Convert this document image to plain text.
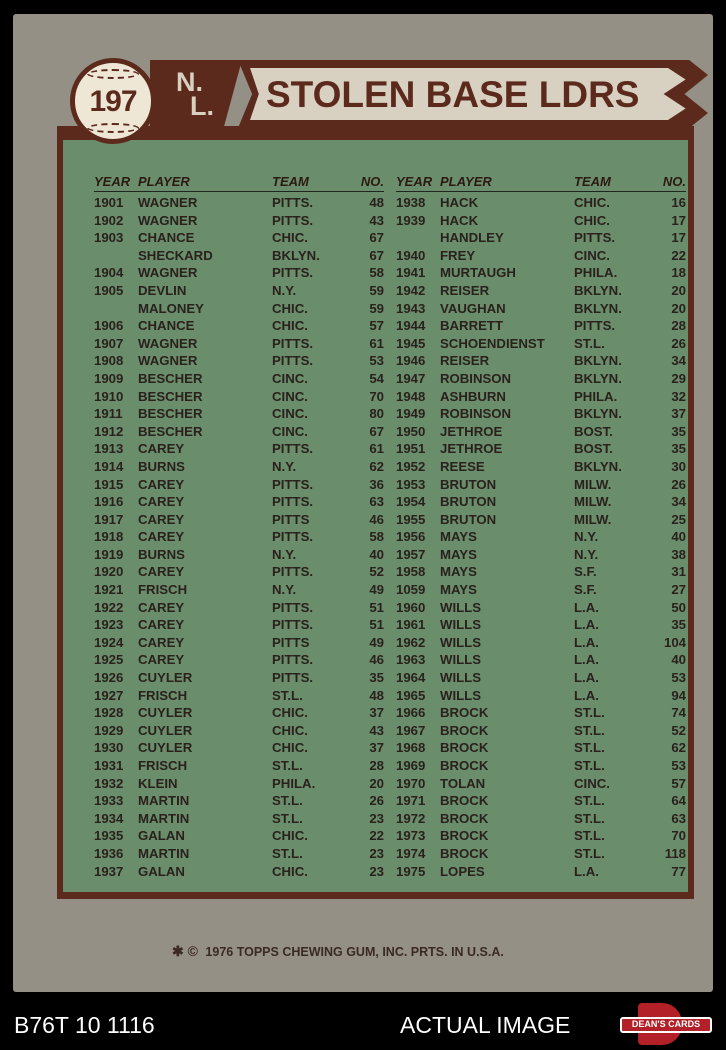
197
N.
L. STOLEN BASE LDRS
YEAR PLAYER	TEAM	NO.
1901 WAGNER	PITTS.	48
1902 WAGNER	PITTS.	43
1903 CHANCE	CHIC.	67
SHECKARD	BKLYN.	67
1904 WAGNER	PITTS.	58
1905 DEVLIN	N.Y.	59
MALONEY	CHIC.	59
1906 CHANCE	CHIC.	57
1907 WAGNER	PITTS.	61
1908 WAGNER	PITTS.	53
1909 BESCHER	CINC.	54
1910 BESCHER	CINC.	70
1911 BESCHER	CINC.	80
1912 BESCHER	CINC.	67
1913 CAREY	PITTS.	61
1914 BURNS	N.Y.	62
1915 CAREY	PITTS.	36
1916 CAREY	PITTS.	63
1917 CAREY	PITTS	46
1918 CAREY	PITTS.	58
1919 BURNS	N.Y.	40
1920 CAREY	PITTS.	52
1921 FRISCH	N.Y.	49
1922 CAREY	PITTS.	51
1923 CAREY	PITTS.	51
1924 CAREY	PITTS	49
1925 CAREY	PITTS.	46
1926 CUYLER	PITTS.	35
1927 FRISCH	ST.L.	48
1928 CUYLER	CHIC.	37
1929 CUYLER	CHIC.	43
1930 CUYLER	CHIC.	37
1931 FRISCH	ST.L.	28
1932 KLEIN	PHILA.	20
1933 MARTIN	ST.L.	26
1934 MARTIN	ST.L.	23
1935 GALAN	CHIC.	22
1936 MARTIN	ST.L.	23
1937 GALAN	CHIC.	23
YEAR PLAYER	TEAM	NO.
1938 HACK	CHIC.	16
1939 HACK	CHIC.	17
HANDLEY	PITTS.	17
1940 FREY	CINC.	22
1941 MURTAUGH	PHILA.	18
1942 REISER	BKLYN.	20
1943 VAUGHAN	BKLYN.	20
1944 BARRETT	PITTS.	28
1945 SCHOENDIENST ST.L.	26
1946 REISER	BKLYN.	34
1947 ROBINSON	BKLYN.	29
1948 ASHBURN	PHILA.	32
1949 ROBINSON	BKLYN.	37
1950 JETHROE	BOST.	35
1951 JETHROE	BOST.	35
1952 REESE	BKLYN.	30
1953 BRUTON	MILW.	26
1954 BRUTON	MILW.	34
1955 BRUTON	MILW.	25
1956 MAYS	N.Y.	40
1957 MAYS	N.Y.	38
1958 MAYS	S.F.	31
1059 MAYS	S.F.	27
1960 WILLS	L.A.	50
1961 WILLS	L.A.	35
1962 WILLS	L.A.	104
1963 WILLS	L.A.	40
1964 WILLS	L.A.	53
1965 WILLS	L.A.	94
1966 BROCK	ST.L.	74
1967 BROCK	ST.L.	52
1968 BROCK	ST.L.	62
1969 BROCK	ST.L.	53
1970 TOLAN	CINC.	57
1971 BROCK	ST.L.	64
1972 BROCK	ST.L.	63
1973 BROCK	ST.L.	70
1974 BROCK	ST.L.	118
1975 LOPES	L.A.	77
✱ © 1976 TOPPS CHEWING GUM, INC. PRTS. IN U.S.A.
B76T 10 1116	ACTUAL IMAGE	DEAN'S CARDS
